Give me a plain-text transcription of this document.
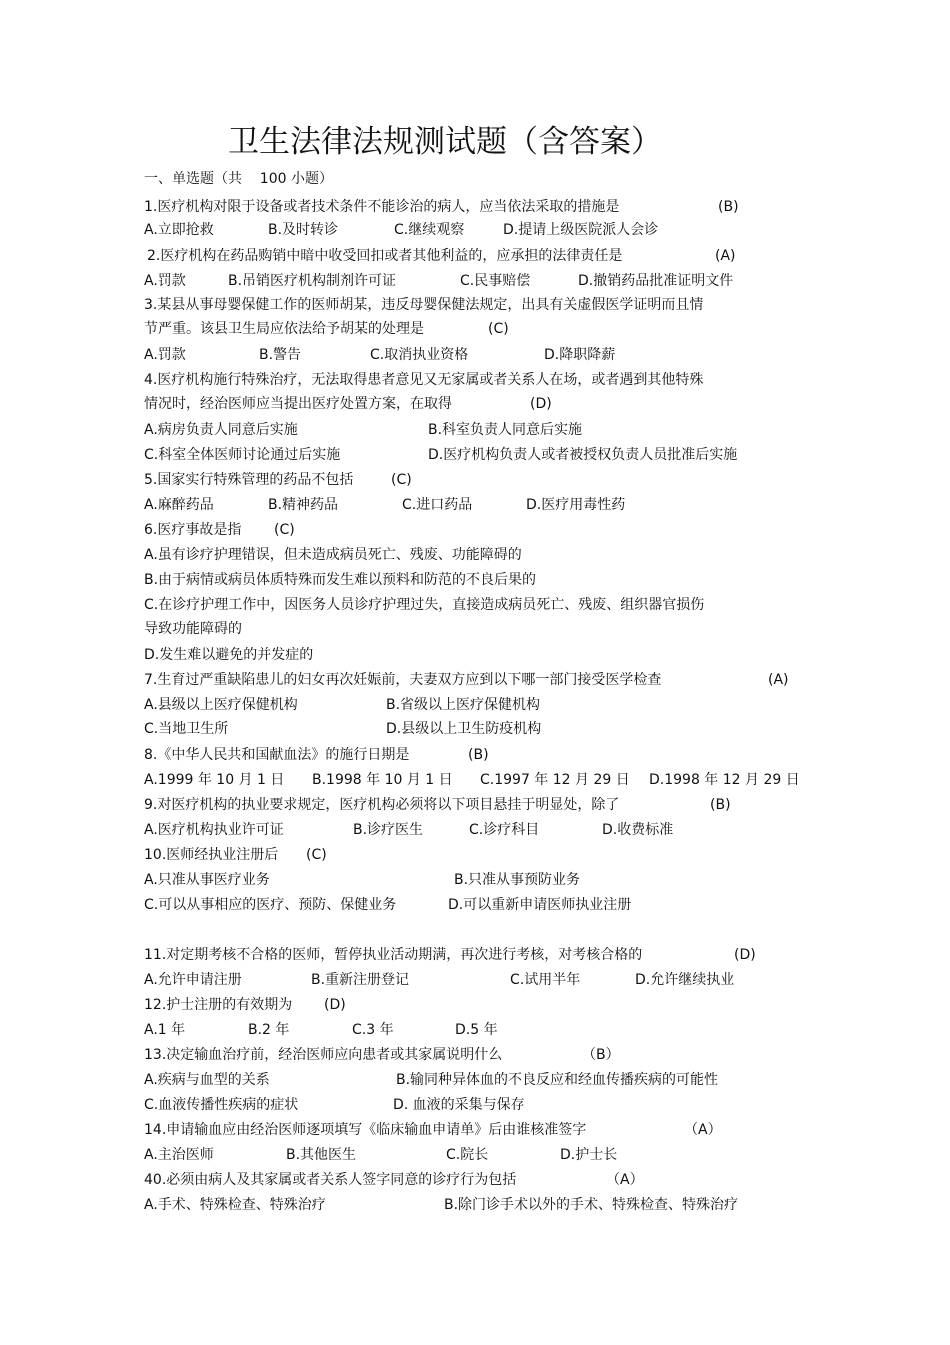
卫生法律法规测试题（含答案）
一、单选题（共    100 小题）
1.医疗机构对限于设备或者技术条件不能诊治的病人，应当依法采取的措施是	(B)
A.立即抢救	B.及时转诊	C.继续观察	D.提请上级医院派人会诊
2.医疗机构在药品购销中暗中收受回扣或者其他利益的，应承担的法律责任是	(A)
A.罚款	B.吊销医疗机构制剂许可证	C.民事赔偿	D.撤销药品批准证明文件
3.某县从事母婴保健工作的医师胡某，违反母婴保健法规定，出具有关虚假医学证明而且情
节严重。该县卫生局应依法给予胡某的处理是	(C)
A.罚款	B.警告	C.取消执业资格	D.降职降薪
4.医疗机构施行特殊治疗，无法取得患者意见又无家属或者关系人在场，或者遇到其他特殊
情况时，经治医师应当提出医疗处置方案，在取得	(D)
A.病房负责人同意后实施	B.科室负责人同意后实施
C.科室全体医师讨论通过后实施	D.医疗机构负责人或者被授权负责人员批准后实施
5.国家实行特殊管理的药品不包括	(C)
A.麻醉药品	B.精神药品	C.进口药品	D.医疗用毒性药
6.医疗事故是指 (C)
A.虽有诊疗护理错误，但未造成病员死亡、残废、功能障碍的
B.由于病情或病员体质特殊而发生难以预料和防范的不良后果的
C.在诊疗护理工作中，因医务人员诊疗护理过失，直接造成病员死亡、残废、组织器官损伤
导致功能障碍的
D.发生难以避免的并发症的
7.生育过严重缺陷患儿的妇女再次妊娠前，夫妻双方应到以下哪一部门接受医学检查	(A)
A.县级以上医疗保健机构	B.省级以上医疗保健机构
C.当地卫生所	D.县级以上卫生防疫机构
8.《中华人民共和国献血法》的施行日期是	(B)
A.1999 年 10 月 1 日 B.1998 年 10 月 1 日 C.1997 年 12 月 29 日 D.1998 年 12 月 29 日
9.对医疗机构的执业要求规定，医疗机构必须将以下项目悬挂于明显处，除了	(B)
A.医疗机构执业许可证	B.诊疗医生	C.诊疗科目	D.收费标准
10.医师经执业注册后 (C)
A.只准从事医疗业务	B.只准从事预防业务
C.可以从事相应的医疗、预防、保健业务	D.可以重新申请医师执业注册
11.对定期考核不合格的医师，暂停执业活动期满，再次进行考核，对考核合格的	(D)
A.允许申请注册	B.重新注册登记	C.试用半年	D.允许继续执业
12.护士注册的有效期为 (D)
A.1 年	B.2 年	C.3 年	D.5 年
13.决定输血治疗前，经治医师应向患者或其家属说明什么	（B）
A.疾病与血型的关系	B.输同种异体血的不良反应和经血传播疾病的可能性
C.血液传播性疾病的症状	D. 血液的采集与保存
14.申请输血应由经治医师逐项填写《临床输血申请单》后由谁核准签字	（A）
A.主治医师	B.其他医生	C.院长	D.护士长
40.必须由病人及其家属或者关系人签字同意的诊疗行为包括	（A）
A.手术、特殊检查、特殊治疗	B.除门诊手术以外的手术、特殊检查、特殊治疗
